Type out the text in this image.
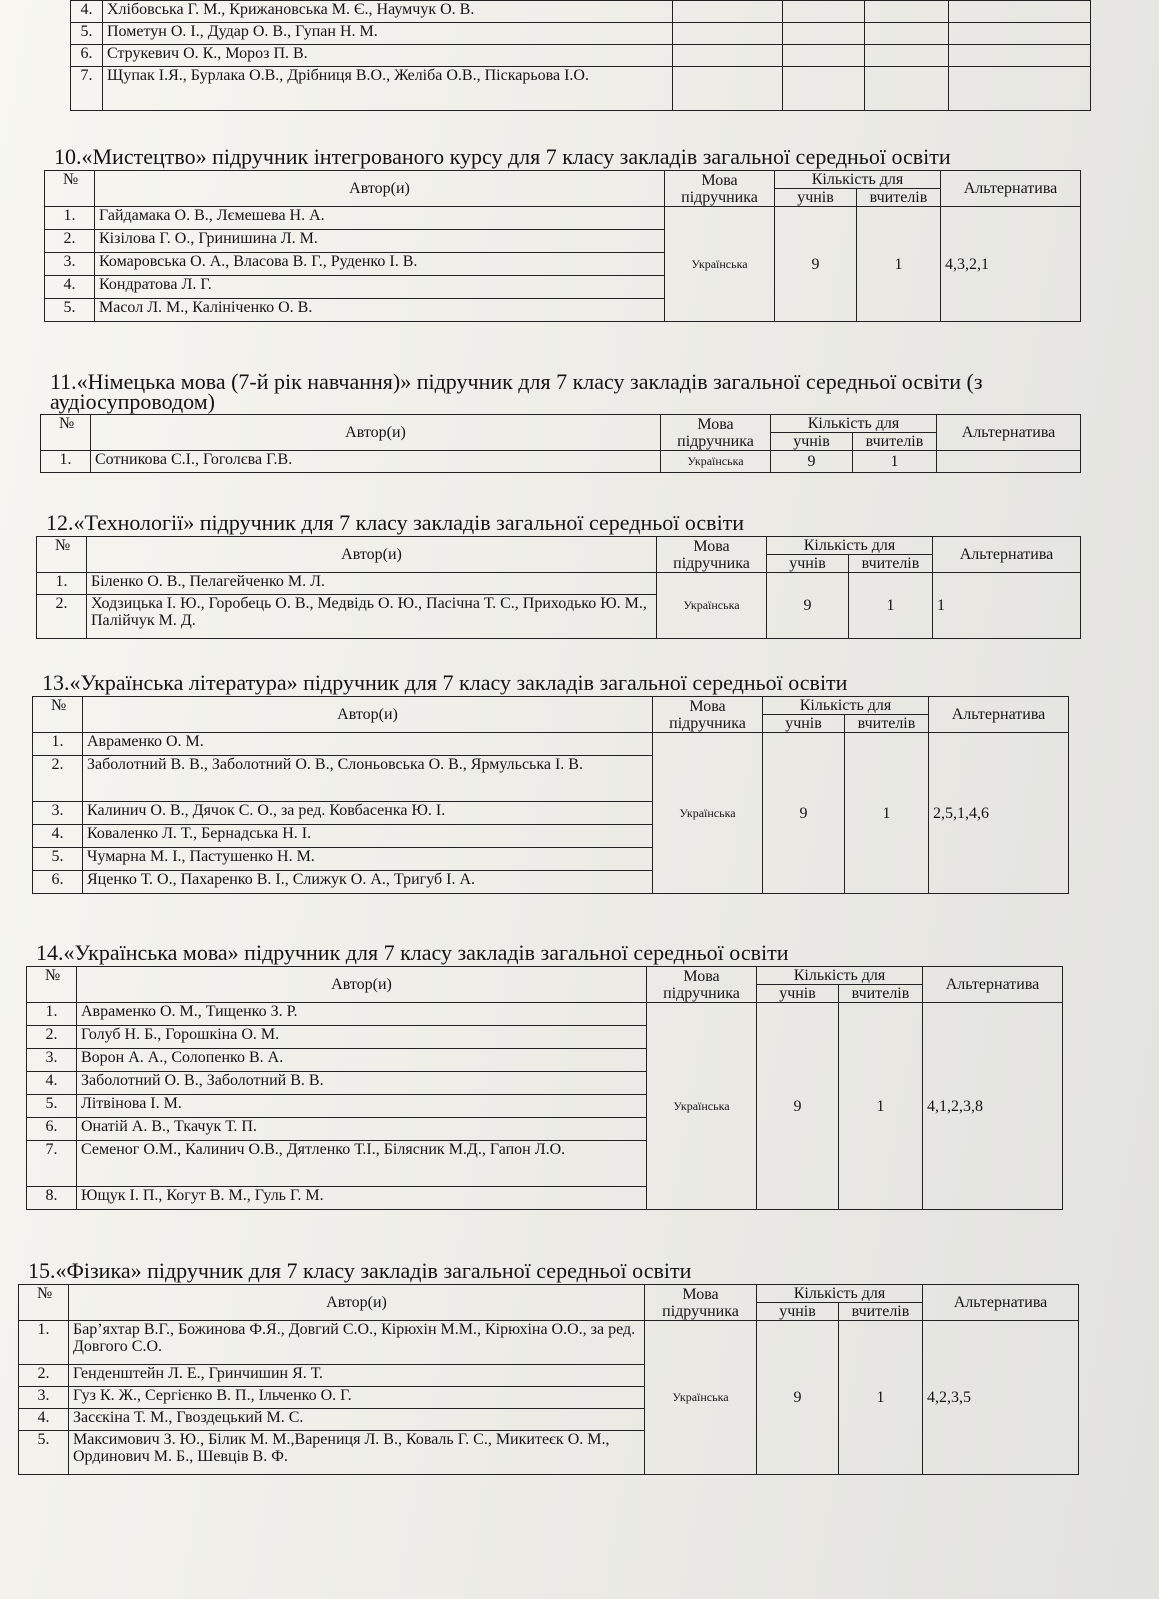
4.	Хлібовська Г. М., Крижановська М. Є., Наумчук О. В.				
5.	Пометун О. І., Дудар О. В., Гупан Н. М.				
6.	Струкевич О. К., Мороз П. В.				
7.	Щупак І.Я., Бурлака О.В., Дрібниця В.О., Желіба О.В., Піскарьова І.О.				
10.«Мистецтво» підручник інтегрованого курсу для 7 класу закладів загальної середньої освіти
№	Автор(и)	Мова підручника	Кількість для		Альтернатива
			учнів	вчителів	
1.	Гайдамака О. В., Лємешева Н. А.	Українська	9	1	4,3,2,1
2.	Кізілова Г. О., Гринишина Л. М.				
3.	Комаровська О. А., Власова В. Г., Руденко І. В.				
4.	Кондратова Л. Г.				
5.	Масол Л. М., Калініченко О. В.				
11.«Німецька мова (7-й рік навчання)» підручник для 7 класу закладів загальної середньої освіти (з аудіосупроводом)
№	Автор(и)	Мова підручника	Кількість для		Альтернатива
			учнів	вчителів	
1.	Сотникова С.І., Гоголєва Г.В.	Українська	9	1	
12.«Технології» підручник для 7 класу закладів загальної середньої освіти
№	Автор(и)	Мова підручника	Кількість для		Альтернатива
			учнів	вчителів	
1.	Біленко О. В., Пелагейченко М. Л.	Українська	9	1	1
2.	Ходзицька І. Ю., Горобець О. В., Медвідь О. Ю., Пасічна Т. С., Приходько Ю. М., Палійчук М. Д.				
13.«Українська література» підручник для 7 класу закладів загальної середньої освіти
№	Автор(и)	Мова підручника	Кількість для		Альтернатива
			учнів	вчителів	
1.	Авраменко О. М.	Українська	9	1	2,5,1,4,6
2.	Заболотний В. В., Заболотний О. В., Слоньовська О. В., Ярмульська І. В.				
3.	Калинич О. В., Дячок С. О., за ред. Ковбасенка Ю. І.				
4.	Коваленко Л. Т., Бернадська Н. І.				
5.	Чумарна М. І., Пастушенко Н. М.				
6.	Яценко Т. О., Пахаренко В. І., Слижук О. А., Тригуб І. А.				
14.«Українська мова» підручник для 7 класу закладів загальної середньої освіти
№	Автор(и)	Мова підручника	Кількість для		Альтернатива
			учнів	вчителів	
1.	Авраменко О. М., Тищенко З. Р.	Українська	9	1	4,1,2,3,8
2.	Голуб Н. Б., Горошкіна О. М.				
3.	Ворон А. А., Солопенко В. А.				
4.	Заболотний О. В., Заболотний В. В.				
5.	Літвінова І. М.				
6.	Онатій А. В., Ткачук Т. П.				
7.	Семеног О.М., Калинич О.В., Дятленко Т.І., Білясник М.Д., Гапон Л.О.				
8.	Ющук І. П., Когут В. М., Гуль Г. М.				
15.«Фізика» підручник для 7 класу закладів загальної середньої освіти
№	Автор(и)	Мова підручника	Кількість для		Альтернатива
			учнів	вчителів	
1.	Бар’яхтар В.Г., Божинова Ф.Я., Довгий С.О., Кірюхін М.М., Кірюхіна О.О., за ред. Довгого С.О.	Українська	9	1	4,2,3,5
2.	Генденштейн Л. Е., Гринчишин Я. Т.				
3.	Гуз К. Ж., Сергієнко В. П., Ільченко О. Г.				
4.	Засєкіна Т. М., Гвоздецький М. С.				
5.	Максимович З. Ю., Білик М. М.,Варениця Л. В., Коваль Г. С., Микитеєк О. М., Ординович М. Б., Шевців В. Ф.				
